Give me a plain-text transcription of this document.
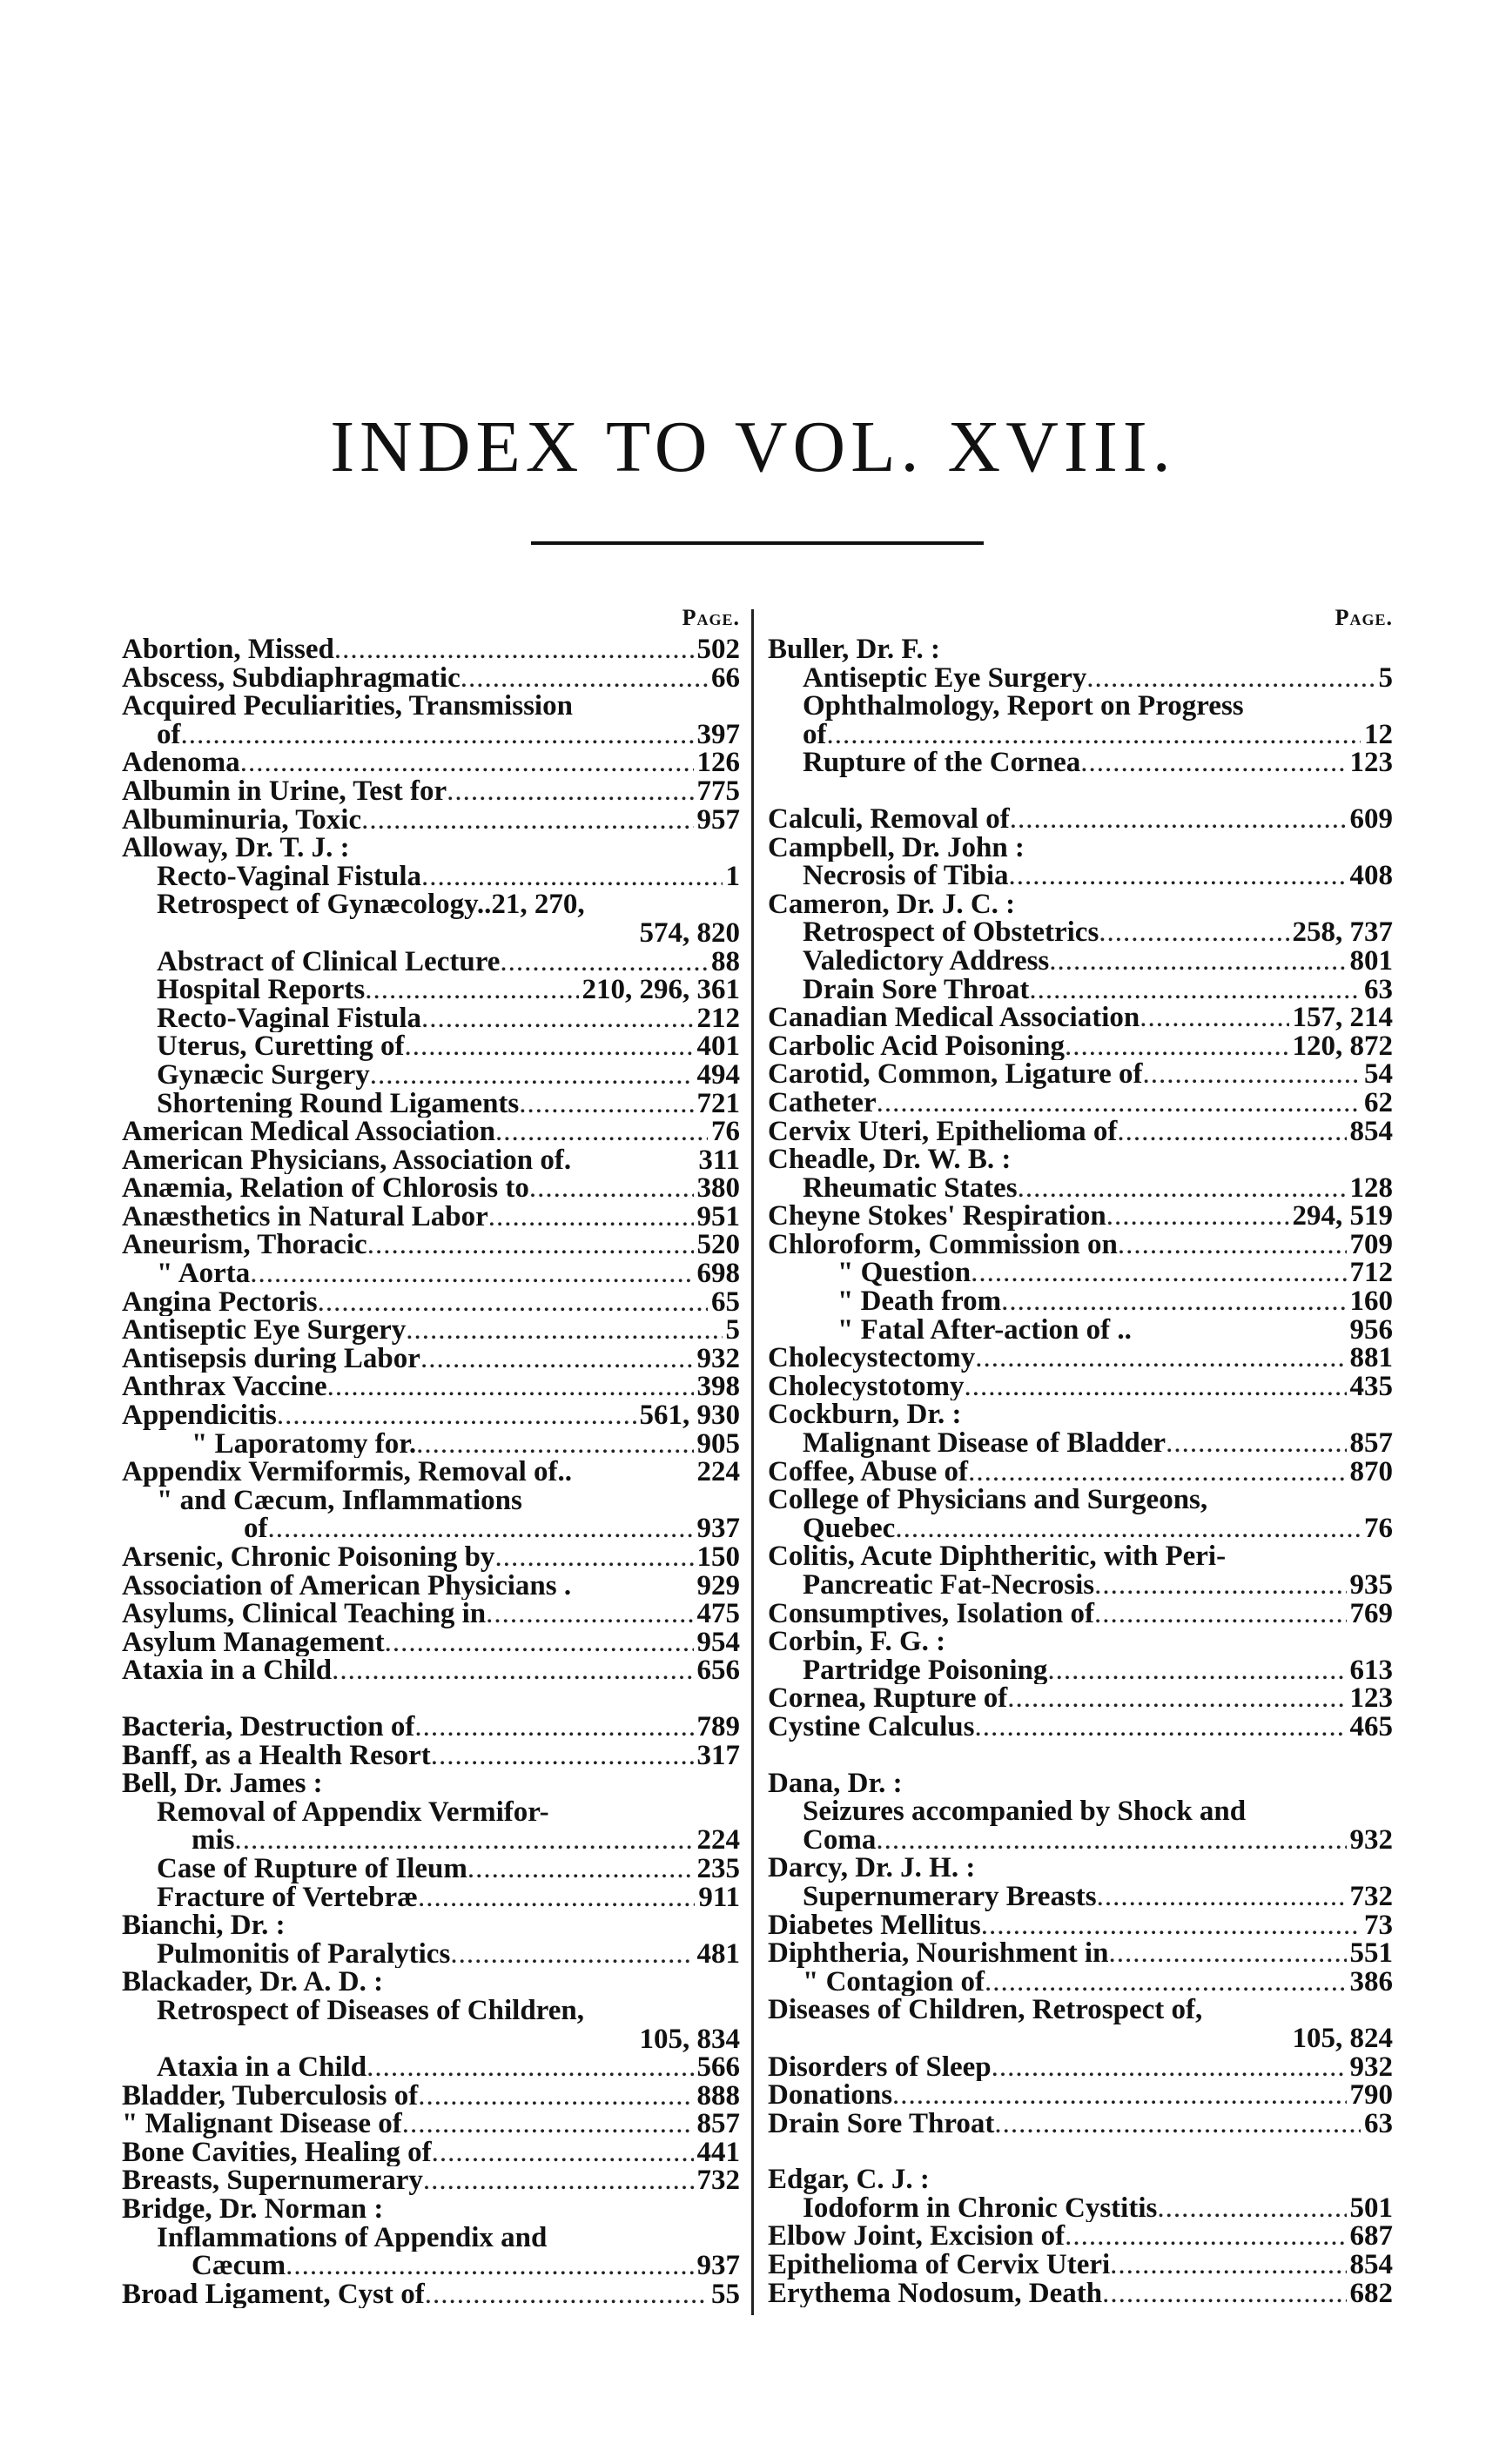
INDEX TO VOL. XVIII.
Page.
Abortion, Missed .....	502
Abscess, Subdiaphragmatic .....	66
Acquired Peculiarities, Transmission
of .....	397
Adenoma .....	126
Albumin in Urine, Test for .....	775
Albuminuria, Toxic .....	957
Alloway, Dr. T. J. :
Recto-Vaginal Fistula .....	1
Retrospect of Gynæcology..21, 270,
574, 820
Abstract of Clinical Lecture .....	88
Hospital Reports .....	210, 296, 361
Recto-Vaginal Fistula .....	212
Uterus, Curetting of .....	401
Gynæcic Surgery .....	494
Shortening Round Ligaments .....	721
American Medical Association .....	76
American Physicians, Association of.	311
Anæmia, Relation of Chlorosis to .....	380
Anæsthetics in Natural Labor .....	951
Aneurism, Thoracic .....	520
" Aorta .....	698
Angina Pectoris .....	65
Antiseptic Eye Surgery .....	5
Antisepsis during Labor .....	932
Anthrax Vaccine .....	398
Appendicitis .....	561, 930
" Laporatomy for. .....	905
Appendix Vermiformis, Removal of..	224
" and Cæcum, Inflammations
of .....	937
Arsenic, Chronic Poisoning by .....	150
Association of American Physicians .	929
Asylums, Clinical Teaching in .....	475
Asylum Management .....	954
Ataxia in a Child .....	656
Bacteria, Destruction of .....	789
Banff, as a Health Resort .....	317
Bell, Dr. James :
Removal of Appendix Vermifor-
mis .....	224
Case of Rupture of Ileum .....	235
Fracture of Vertebræ .....	911
Bianchi, Dr. :
Pulmonitis of Paralytics .....	481
Blackader, Dr. A. D. :
Retrospect of Diseases of Children,
105, 834
Ataxia in a Child .....	566
Bladder, Tuberculosis of .....	888
" Malignant Disease of .....	857
Bone Cavities, Healing of .....	441
Breasts, Supernumerary .....	732
Bridge, Dr. Norman :
Inflammations of Appendix and
Cæcum .....	937
Broad Ligament, Cyst of .....	55
Page.
Buller, Dr. F. :
Antiseptic Eye Surgery .....	5
Ophthalmology, Report on Progress
of .....	12
Rupture of the Cornea .....	123
Calculi, Removal of .....	609
Campbell, Dr. John :
Necrosis of Tibia .....	408
Cameron, Dr. J. C. :
Retrospect of Obstetrics .....	258, 737
Valedictory Address .....	801
Drain Sore Throat .....	63
Canadian Medical Association .....	157, 214
Carbolic Acid Poisoning .....	120, 872
Carotid, Common, Ligature of .....	54
Catheter .....	62
Cervix Uteri, Epithelioma of .....	854
Cheadle, Dr. W. B. :
Rheumatic States .....	128
Cheyne Stokes' Respiration .....	294, 519
Chloroform, Commission on .....	709
" Question .....	712
" Death from .....	160
" Fatal After-action of ..	956
Cholecystectomy .....	881
Cholecystotomy .....	435
Cockburn, Dr. :
Malignant Disease of Bladder .....	857
Coffee, Abuse of .....	870
College of Physicians and Surgeons,
Quebec .....	76
Colitis, Acute Diphtheritic, with Peri-
Pancreatic Fat-Necrosis .....	935
Consumptives, Isolation of .....	769
Corbin, F. G. :
Partridge Poisoning .....	613
Cornea, Rupture of .....	123
Cystine Calculus .....	465
Dana, Dr. :
Seizures accompanied by Shock and
Coma .....	932
Darcy, Dr. J. H. :
Supernumerary Breasts .....	732
Diabetes Mellitus .....	73
Diphtheria, Nourishment in .....	551
" Contagion of .....	386
Diseases of Children, Retrospect of,
105, 824
Disorders of Sleep .....	932
Donations .....	790
Drain Sore Throat .....	63
Edgar, C. J. :
Iodoform in Chronic Cystitis .....	501
Elbow Joint, Excision of .....	687
Epithelioma of Cervix Uteri .....	854
Erythema Nodosum, Death .....	682
